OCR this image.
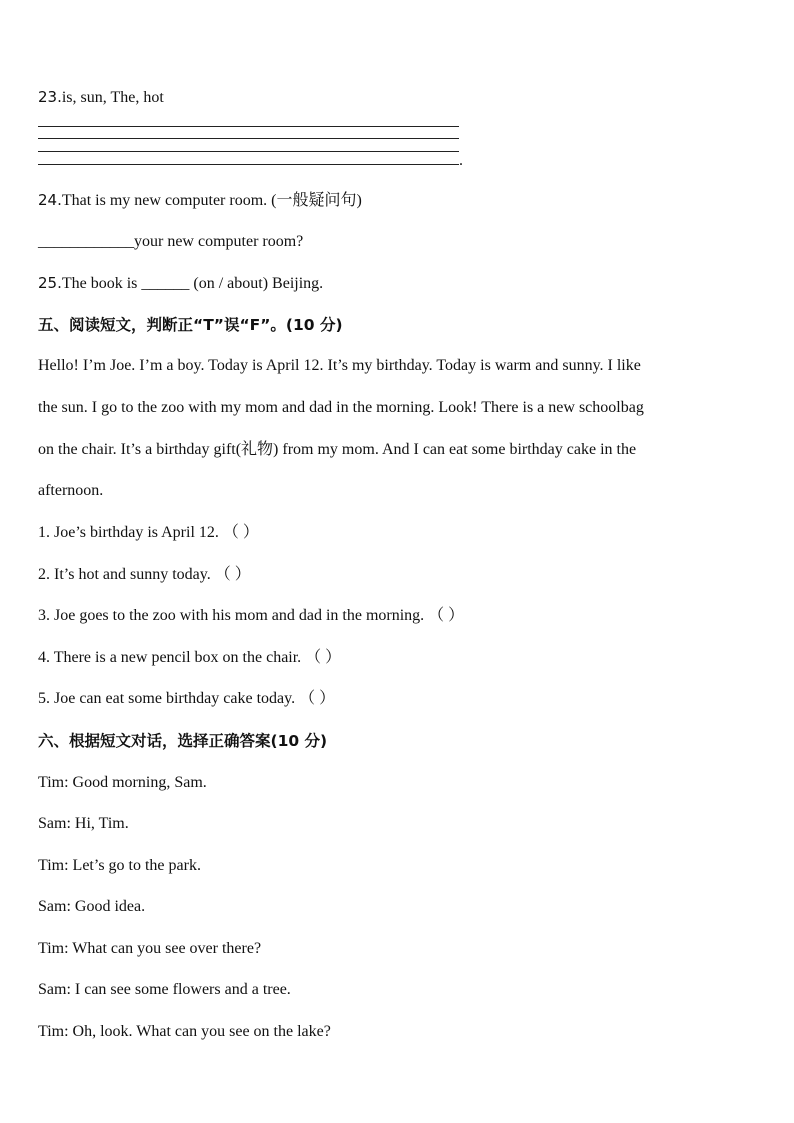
23.is, sun, The, hot
.
24.That is my new computer room. (一般疑问句)
____________your new computer room?
25.The book is ______ (on / about) Beijing.
五、阅读短文，判断正“T”误“F”。(10 分)
Hello! I’m Joe. I’m a boy. Today is April 12. It’s my birthday. Today is warm and sunny. I like
the sun. I go to the zoo with my mom and dad in the morning. Look! There is a new schoolbag
on the chair. It’s a birthday gift(礼物) from my mom. And I can eat some birthday cake in the
afternoon.
1. Joe’s birthday is April 12. （ ）
2. It’s hot and sunny today. （ ）
3. Joe goes to the zoo with his mom and dad in the morning. （ ）
4. There is a new pencil box on the chair. （ ）
5. Joe can eat some birthday cake today. （ ）
六、根据短文对话，选择正确答案(10 分)
Tim: Good morning, Sam.
Sam: Hi, Tim.
Tim: Let’s go to the park.
Sam: Good idea.
Tim: What can you see over there?
Sam: I can see some flowers and a tree.
Tim: Oh, look. What can you see on the lake?
